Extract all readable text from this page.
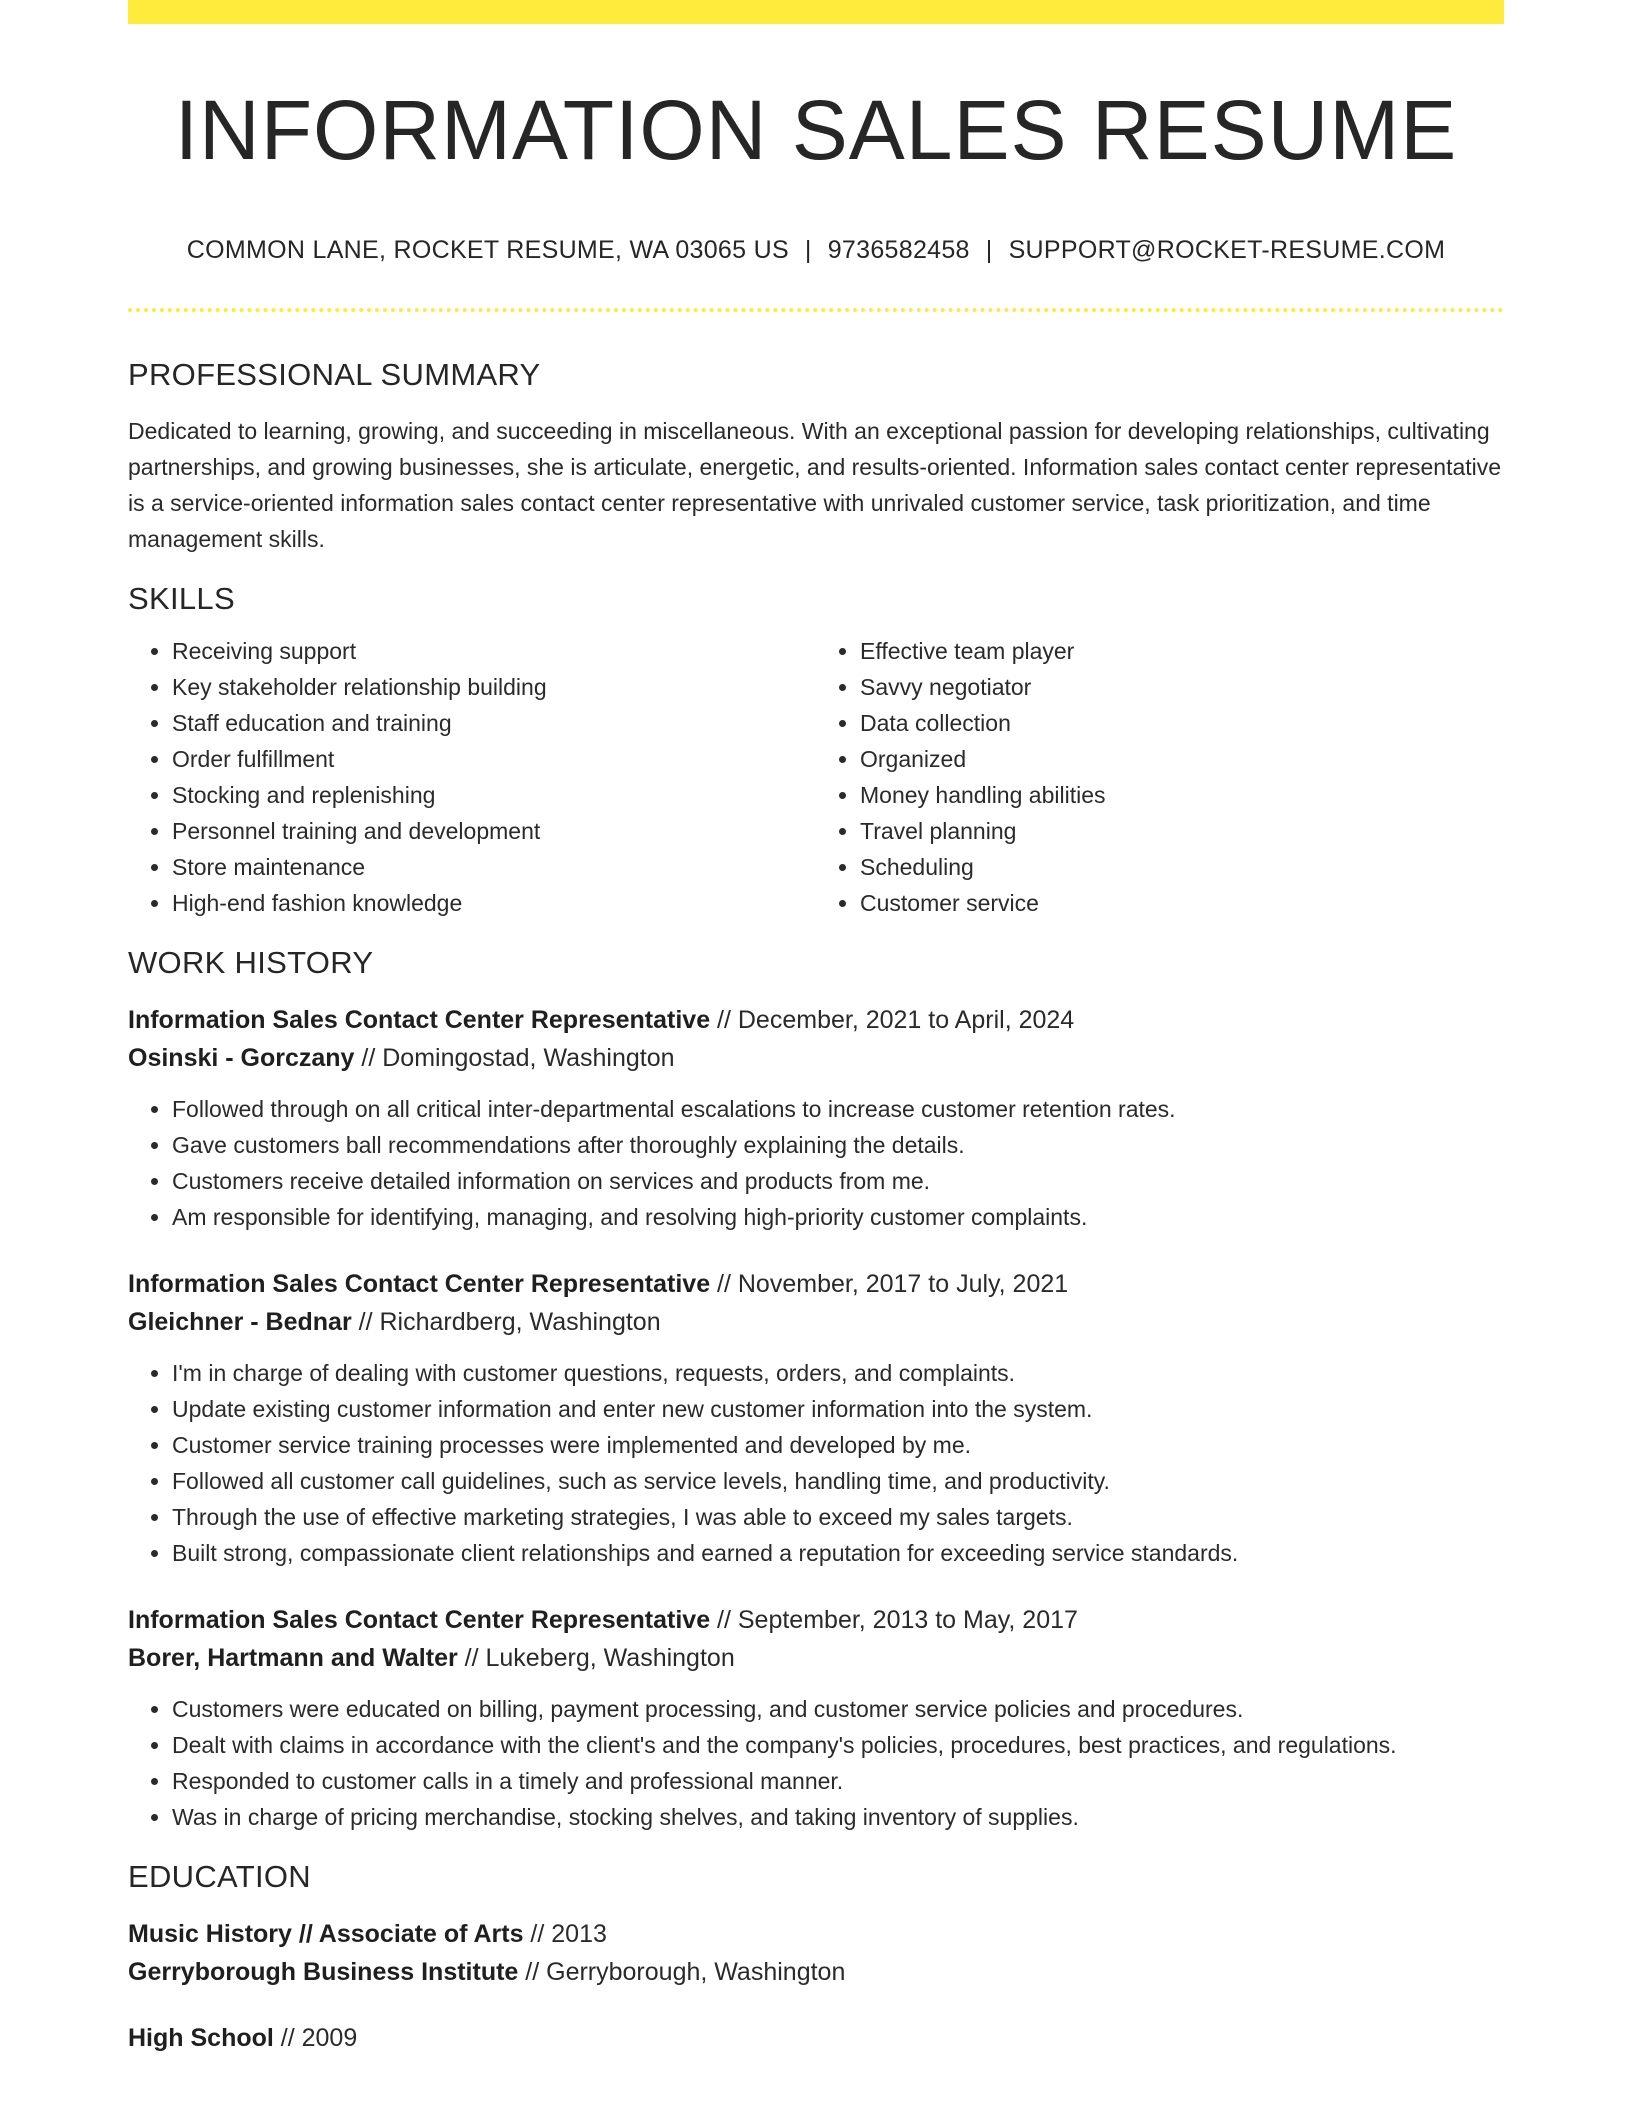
INFORMATION SALES RESUME
COMMON LANE, ROCKET RESUME, WA 03065 US | 9736582458 | SUPPORT@ROCKET-RESUME.COM
PROFESSIONAL SUMMARY

Dedicated to learning, growing, and succeeding in miscellaneous. With an exceptional passion for developing relationships, cultivating partnerships, and growing businesses, she is articulate, energetic, and results-oriented. Information sales contact center representative is a service-oriented information sales contact center representative with unrivaled customer service, task prioritization, and time management skills.

SKILLS
• Receiving support
• Key stakeholder relationship building
• Staff education and training
• Order fulfillment
• Stocking and replenishing
• Personnel training and development
• Store maintenance
• High-end fashion knowledge
• Effective team player
• Savvy negotiator
• Data collection
• Organized
• Money handling abilities
• Travel planning
• Scheduling
• Customer service
WORK HISTORY
Information Sales Contact Center Representative // December, 2021 to April, 2024
Osinski - Gorczany // Domingostad, Washington
• Followed through on all critical inter-departmental escalations to increase customer retention rates.
• Gave customers ball recommendations after thoroughly explaining the details.
• Customers receive detailed information on services and products from me.
• Am responsible for identifying, managing, and resolving high-priority customer complaints.
Information Sales Contact Center Representative // November, 2017 to July, 2021
Gleichner - Bednar // Richardberg, Washington
• I'm in charge of dealing with customer questions, requests, orders, and complaints.
• Update existing customer information and enter new customer information into the system.
• Customer service training processes were implemented and developed by me.
• Followed all customer call guidelines, such as service levels, handling time, and productivity.
• Through the use of effective marketing strategies, I was able to exceed my sales targets.
• Built strong, compassionate client relationships and earned a reputation for exceeding service standards.
Information Sales Contact Center Representative // September, 2013 to May, 2017
Borer, Hartmann and Walter // Lukeberg, Washington
• Customers were educated on billing, payment processing, and customer service policies and procedures.
• Dealt with claims in accordance with the client's and the company's policies, procedures, best practices, and regulations.
• Responded to customer calls in a timely and professional manner.
• Was in charge of pricing merchandise, stocking shelves, and taking inventory of supplies.
EDUCATION
Music History // Associate of Arts // 2013
Gerryborough Business Institute // Gerryborough, Washington
High School // 2009
